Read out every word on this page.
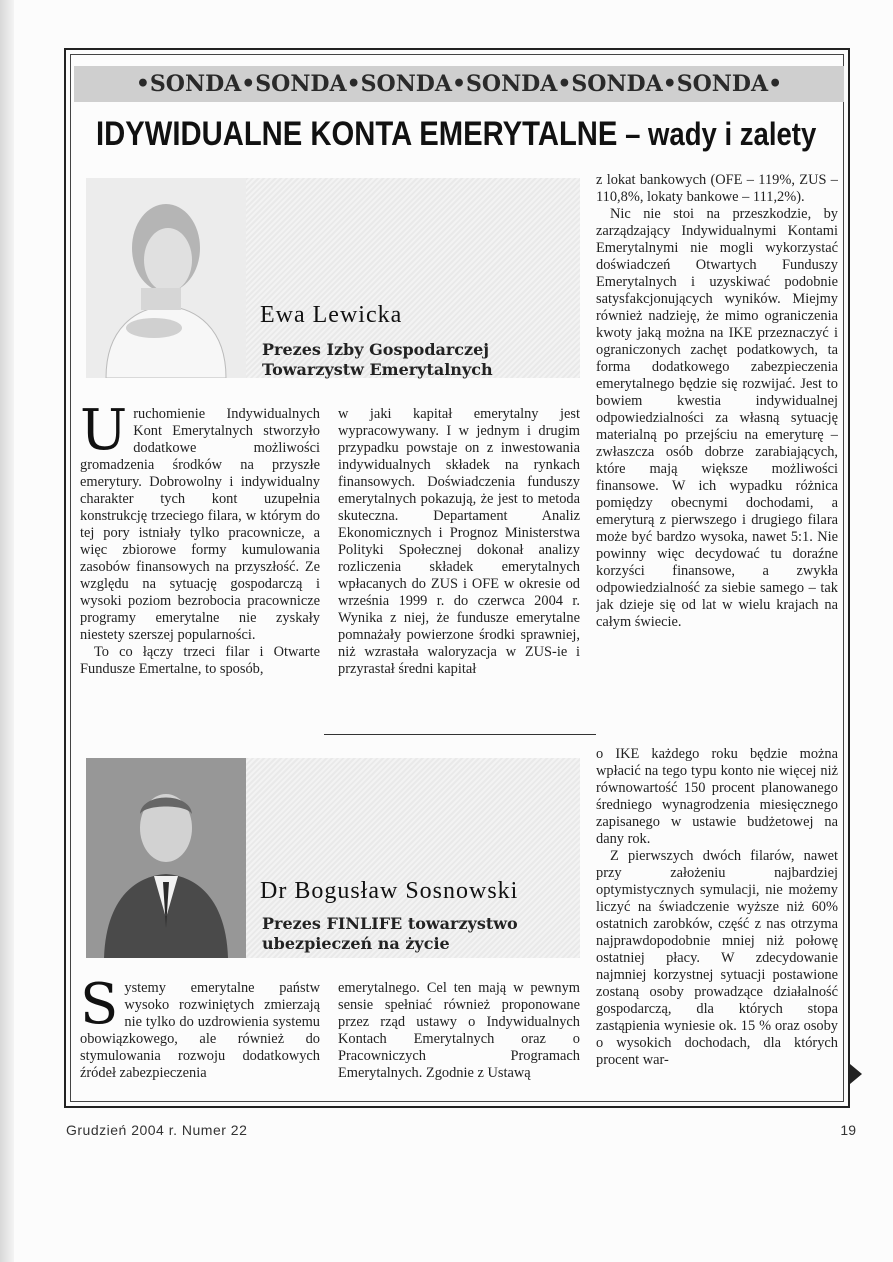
•SONDA•SONDA•SONDA•SONDA•SONDA•SONDA•
IDYWIDUALNE KONTA EMERYTALNE – wady i zalety
Ewa Lewicka
Prezes Izby Gospodarczej Towarzystw Emerytalnych
U ruchomienie Indywidualnych Kont Emerytalnych stworzyło dodatkowe możliwości gromadzenia środków na przyszłe emerytury. Dobrowolny i indywidualny charakter tych kont uzupełnia konstrukcję trzeciego filara, w którym do tej pory istniały tylko pracownicze, a więc zbiorowe formy kumulowania zasobów finansowych na przyszłość. Ze względu na sytuację gospodarczą i wysoki poziom bezrobocia pracownicze programy emerytalne nie zyskały niestety szerszej popularności.

To co łączy trzeci filar i Otwarte Fundusze Emertalne, to sposób,

w jaki kapitał emerytalny jest wypracowywany. I w jednym i drugim przypadku powstaje on z inwestowania indywidualnych składek na rynkach finansowych. Doświadczenia funduszy emerytalnych pokazują, że jest to metoda skuteczna. Departament Analiz Ekonomicznych i Prognoz Ministerstwa Polityki Społecznej dokonał analizy rozliczenia składek emerytalnych wpłacanych do ZUS i OFE w okresie od września 1999 r. do czerwca 2004 r. Wynika z niej, że fundusze emerytalne pomnażały powierzone środki sprawniej, niż wzrastała waloryzacja w ZUS-ie i przyrastał średni kapitał

z lokat bankowych (OFE – 119%, ZUS – 110,8%, lokaty bankowe – 111,2%).

Nic nie stoi na przeszkodzie, by zarządzający Indywidualnymi Kontami Emerytalnymi nie mogli wykorzystać doświadczeń Otwartych Funduszy Emerytalnych i uzyskiwać podobnie satysfakcjonujących wyników. Miejmy również nadzieję, że mimo ograniczenia kwoty jaką można na IKE przeznaczyć i ograniczonych zachęt podatkowych, ta forma dodatkowego zabezpieczenia emerytalnego będzie się rozwijać. Jest to bowiem kwestia indywidualnej odpowiedzialności za własną sytuację materialną po przejściu na emeryturę – zwłaszcza osób dobrze zarabiających, które mają większe możliwości finansowe. W ich wypadku różnica pomiędzy obecnymi dochodami, a emeryturą z pierwszego i drugiego filara może być bardzo wysoka, nawet 5:1. Nie powinny więc decydować tu doraźne korzyści finansowe, a zwykła odpowiedzialność za siebie samego – tak jak dzieje się od lat w wielu krajach na całym świecie.

Dr Bogusław Sosnowski
Prezes FINLIFE towarzystwo ubezpieczeń na życie
S ystemy emerytalne państw wysoko rozwiniętych zmierzają nie tylko do uzdrowienia systemu obowiązkowego, ale również do stymulowania rozwoju dodatkowych źródeł zabezpieczenia

emerytalnego. Cel ten mają w pewnym sensie spełniać również proponowane przez rząd ustawy o Indywidualnych Kontach Emerytalnych oraz o Pracowniczych Programach Emerytalnych. Zgodnie z Ustawą

o IKE każdego roku będzie można wpłacić na tego typu konto nie więcej niż równowartość 150 procent planowanego średniego wynagrodzenia miesięcznego zapisanego w ustawie budżetowej na dany rok.

Z pierwszych dwóch filarów, nawet przy założeniu najbardziej optymistycznych symulacji, nie możemy liczyć na świadczenie wyższe niż 60% ostatnich zarobków, część z nas otrzyma najprawdopodobnie mniej niż połowę ostatniej płacy. W zdecydowanie najmniej korzystnej sytuacji postawione zostaną osoby prowadzące działalność gospodarczą, dla których stopa zastąpienia wyniesie ok. 15 % oraz osoby o wysokich dochodach, dla których procent war-

Grudzień 2004 r. Numer 22	19
